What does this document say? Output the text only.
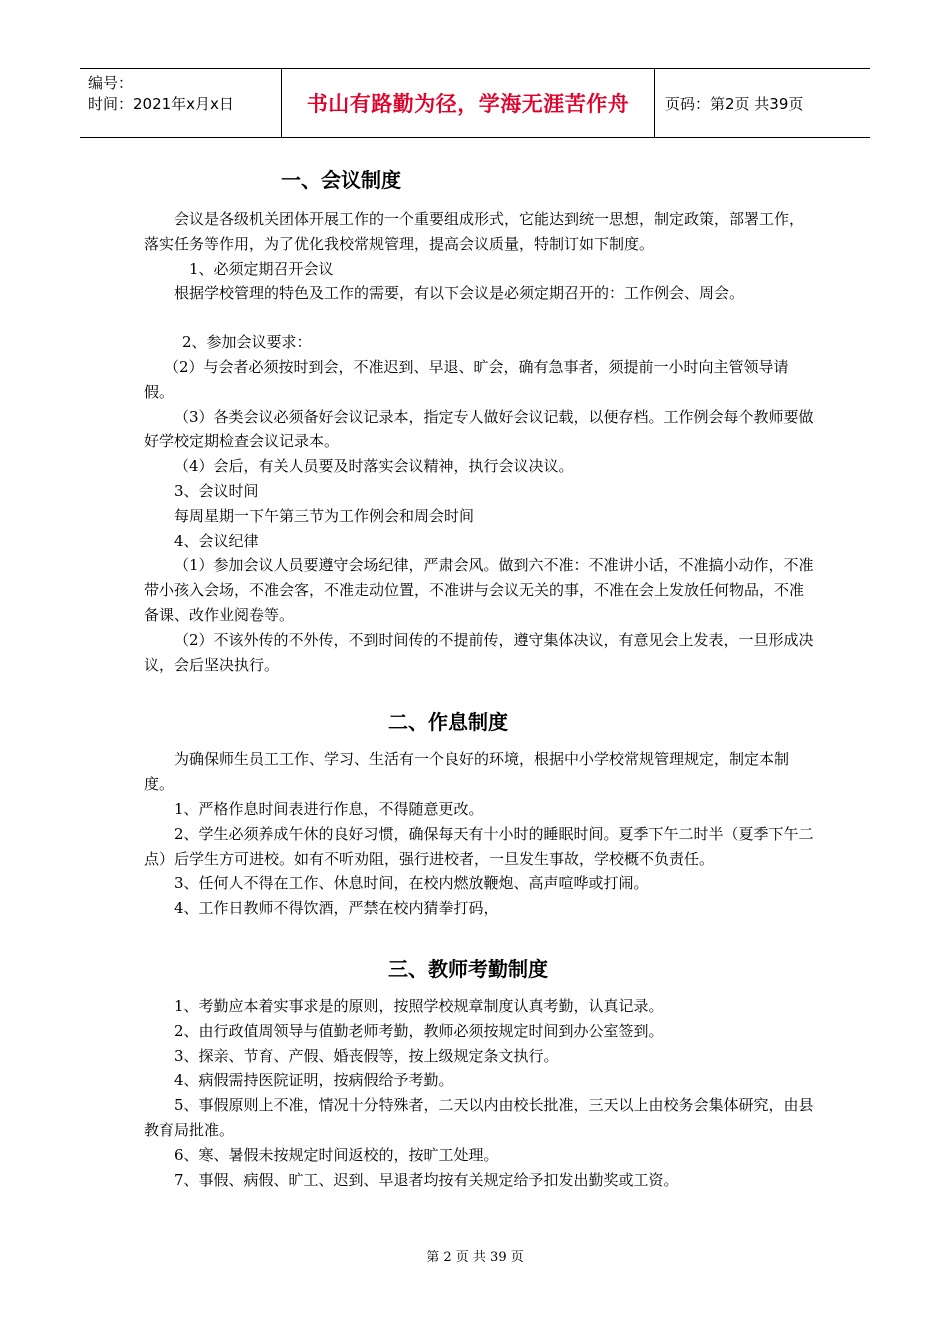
编号：
时间：2021年x月x日	书山有路勤为径，学海无涯苦作舟	页码：第2页 共39页
一、会议制度

会议是各级机关团体开展工作的一个重要组成形式，它能达到统一思想，制定政策，部署工作，落实任务等作用，为了优化我校常规管理，提高会议质量，特制订如下制度。

1、必须定期召开会议

根据学校管理的特色及工作的需要，有以下会议是必须定期召开的：工作例会、周会。

2、参加会议要求：

（2）与会者必须按时到会，不准迟到、早退、旷会，确有急事者，须提前一小时向主管领导请假。

（3）各类会议必须备好会议记录本，指定专人做好会议记载，以便存档。工作例会每个教师要做好学校定期检查会议记录本。

（4）会后，有关人员要及时落实会议精神，执行会议决议。

3、会议时间

每周星期一下午第三节为工作例会和周会时间

4、会议纪律

（1）参加会议人员要遵守会场纪律，严肃会风。做到六不准：不准讲小话，不准搞小动作，不准带小孩入会场，不准会客，不准走动位置，不准讲与会议无关的事，不准在会上发放任何物品，不准备课、改作业阅卷等。

（2）不该外传的不外传，不到时间传的不提前传，遵守集体决议，有意见会上发表，一旦形成决议，会后坚决执行。

二、作息制度

为确保师生员工工作、学习、生活有一个良好的环境，根据中小学校常规管理规定，制定本制度。

1、严格作息时间表进行作息，不得随意更改。

2、学生必须养成午休的良好习惯，确保每天有十小时的睡眠时间。夏季下午二时半（夏季下午二点）后学生方可进校。如有不听劝阻，强行进校者，一旦发生事故，学校概不负责任。

3、任何人不得在工作、休息时间，在校内燃放鞭炮、高声喧哗或打闹。

4、工作日教师不得饮酒，严禁在校内猜拳打码，

三、教师考勤制度

1、考勤应本着实事求是的原则，按照学校规章制度认真考勤，认真记录。

2、由行政值周领导与值勤老师考勤，教师必须按规定时间到办公室签到。

3、探亲、节育、产假、婚丧假等，按上级规定条文执行。

4、病假需持医院证明，按病假给予考勤。

5、事假原则上不准，情况十分特殊者，二天以内由校长批准，三天以上由校务会集体研究，由县教育局批准。

6、寒、暑假未按规定时间返校的，按旷工处理。

7、事假、病假、旷工、迟到、早退者均按有关规定给予扣发出勤奖或工资。

第 2 页 共 39 页
